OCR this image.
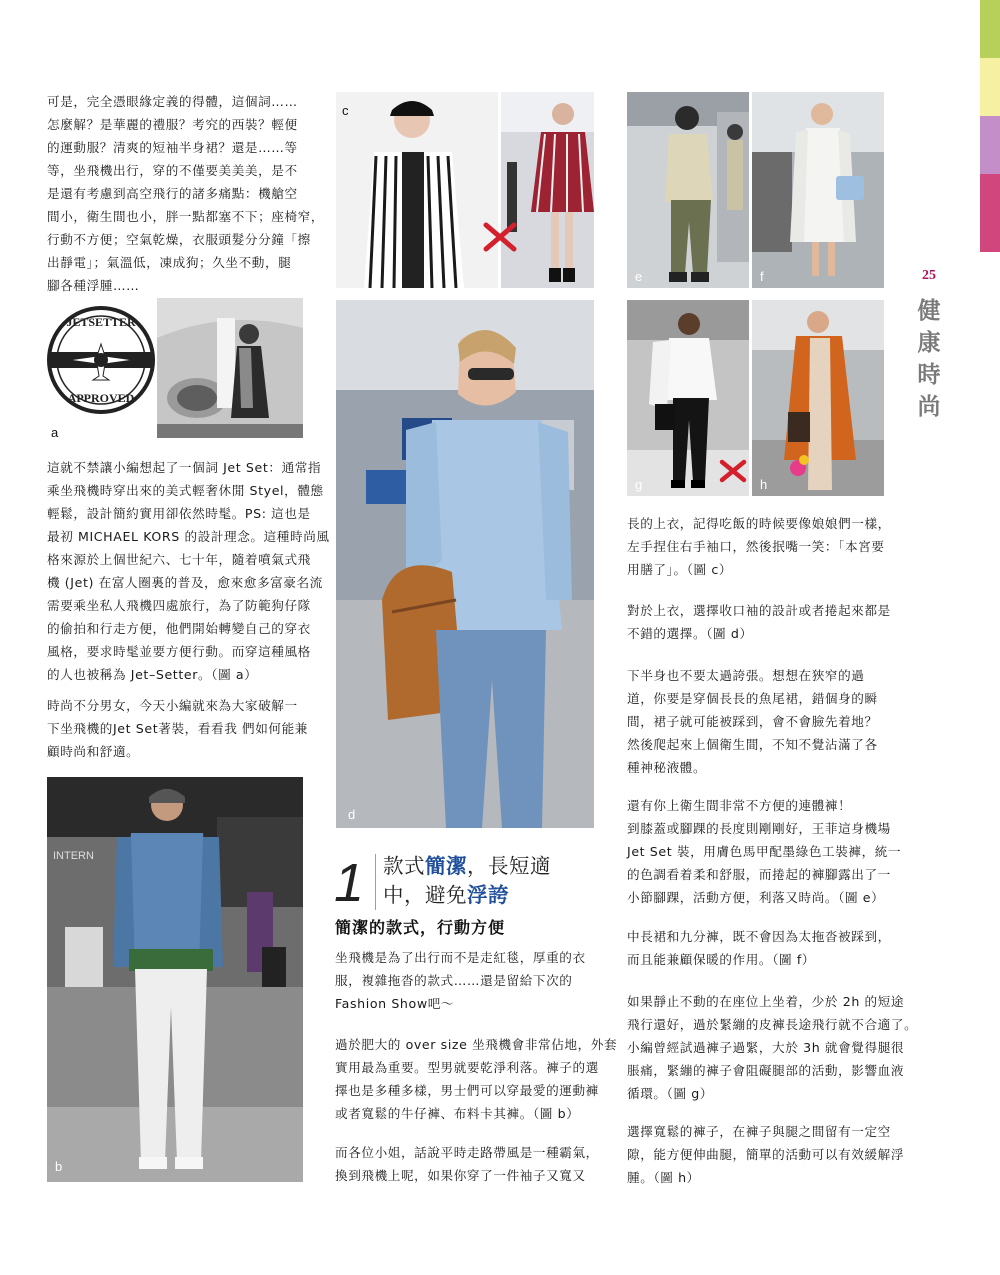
25
健
康
時
尚
可是，完全憑眼緣定義的得體，這個詞……
怎麼解？是華麗的禮服？考究的西裝？輕便
的運動服？清爽的短袖半身裙？還是……等
等，坐飛機出行，穿的不僅要美美美，是不
是還有考慮到高空飛行的諸多痛點：機艙空
間小，衛生間也小，胖一點都塞不下；座椅窄，
行動不方便；空氣乾燥，衣服頭髮分分鐘「擦
出靜電」；氣溫低，凍成狗；久坐不動，腿
腳各種浮腫……
JETSETTER
APPROVED
a
這就不禁讓小編想起了一個詞 Jet Set：通常指
乘坐飛機時穿出來的美式輕奢休閒 Styel，體態
輕鬆，設計簡約實用卻依然時髦。PS: 這也是
最初 MICHAEL KORS 的設計理念。這種時尚風
格來源於上個世紀六、七十年，隨着噴氣式飛
機 (Jet) 在富人圈裏的普及，愈來愈多富豪名流
需要乘坐私人飛機四處旅行，為了防範狗仔隊
的偷拍和行走方便，他們開始轉變自己的穿衣
風格，要求時髦並要方便行動。而穿這種風格
的人也被稱為 Jet–Setter。（圖 a）
時尚不分男女，今天小編就來為大家破解一
下坐飛機的Jet Set著裝，看看我 們如何能兼
顧時尚和舒適。
INTERN
b
c
d
1 款式簡潔，長短適
中，避免浮誇
簡潔的款式，行動方便
坐飛機是為了出行而不是走紅毯，厚重的衣
服，複雜拖沓的款式……還是留給下次的
Fashion Show吧～
過於肥大的 over size 坐飛機會非常佔地，外套
實用最為重要。型男就要乾淨利落。褲子的選
擇也是多種多樣，男士們可以穿最愛的運動褲
或者寬鬆的牛仔褲、布料卡其褲。（圖 b）
而各位小姐，話說平時走路帶風是一種霸氣，
換到飛機上呢，如果你穿了一件袖子又寬又
e	f
g	h
長的上衣，記得吃飯的時候要像娘娘們一樣，
左手捏住右手袖口，然後抿嘴一笑：「本宮要
用膳了」。（圖 c）
對於上衣，選擇收口袖的設計或者捲起來都是
不錯的選擇。（圖 d）
下半身也不要太過誇張。想想在狹窄的過
道，你要是穿個長長的魚尾裙，錯個身的瞬
間，裙子就可能被踩到，會不會臉先着地？
然後爬起來上個衛生間，不知不覺沾滿了各
種神秘液體。
還有你上衛生間非常不方便的連體褲！
到膝蓋或腳踝的長度則剛剛好，王菲這身機場
Jet Set 裝，用膚色馬甲配墨綠色工裝褲，統一
的色調看着柔和舒服，而捲起的褲腳露出了一
小節腳踝，活動方便，利落又時尚。（圖 e）
中長裙和九分褲，既不會因為太拖沓被踩到，
而且能兼顧保暖的作用。（圖 f）
如果靜止不動的在座位上坐着，少於 2h 的短途
飛行還好，過於緊繃的皮褲長途飛行就不合適了。
小編曾經試過褲子過緊，大於 3h 就會覺得腿很
脹痛，緊繃的褲子會阻礙腿部的活動，影響血液
循環。（圖 g）
選擇寬鬆的褲子，在褲子與腿之間留有一定空
隙，能方便伸曲腿，簡單的活動可以有效緩解浮
腫。（圖 h）
